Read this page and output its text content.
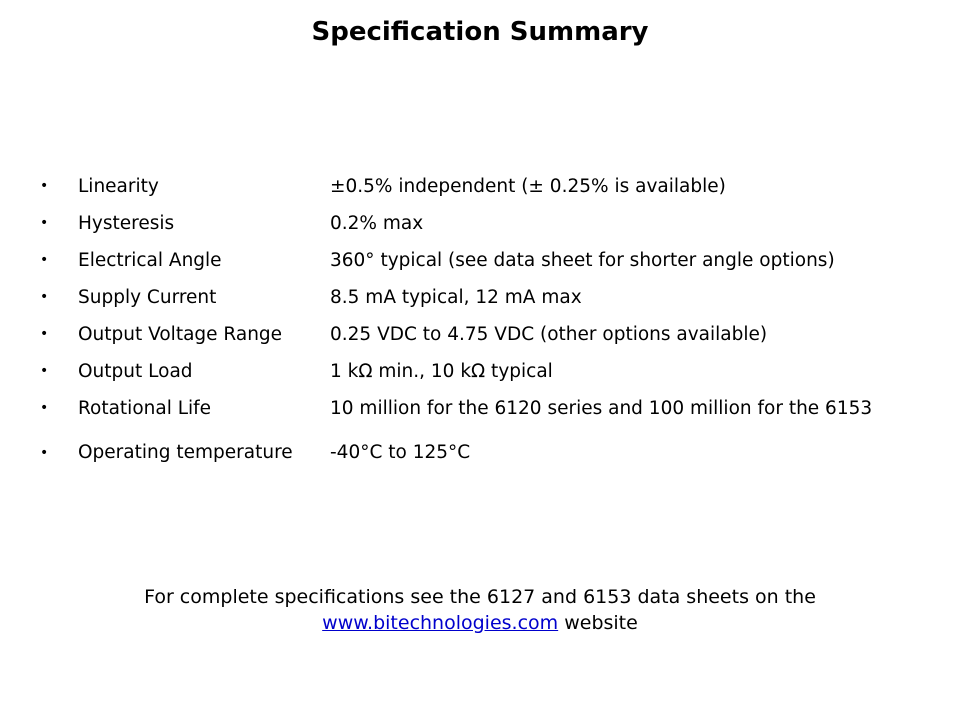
Specification Summary
• Linearity	±0.5% independent (± 0.25% is available)
• Hysteresis	0.2% max
• Electrical Angle	360° typical (see data sheet for shorter angle options)
• Supply Current	8.5 mA typical, 12 mA max
• Output Voltage Range	0.25 VDC to 4.75 VDC (other options available)
• Output Load	1 kΩ min., 10 kΩ typical
• Rotational Life	10 million for the 6120 series and 100 million for the 6153
• Operating temperature -40°C to 125°C
For complete specifications see the 6127 and 6153 data sheets on the
www.bitechnologies.com website
